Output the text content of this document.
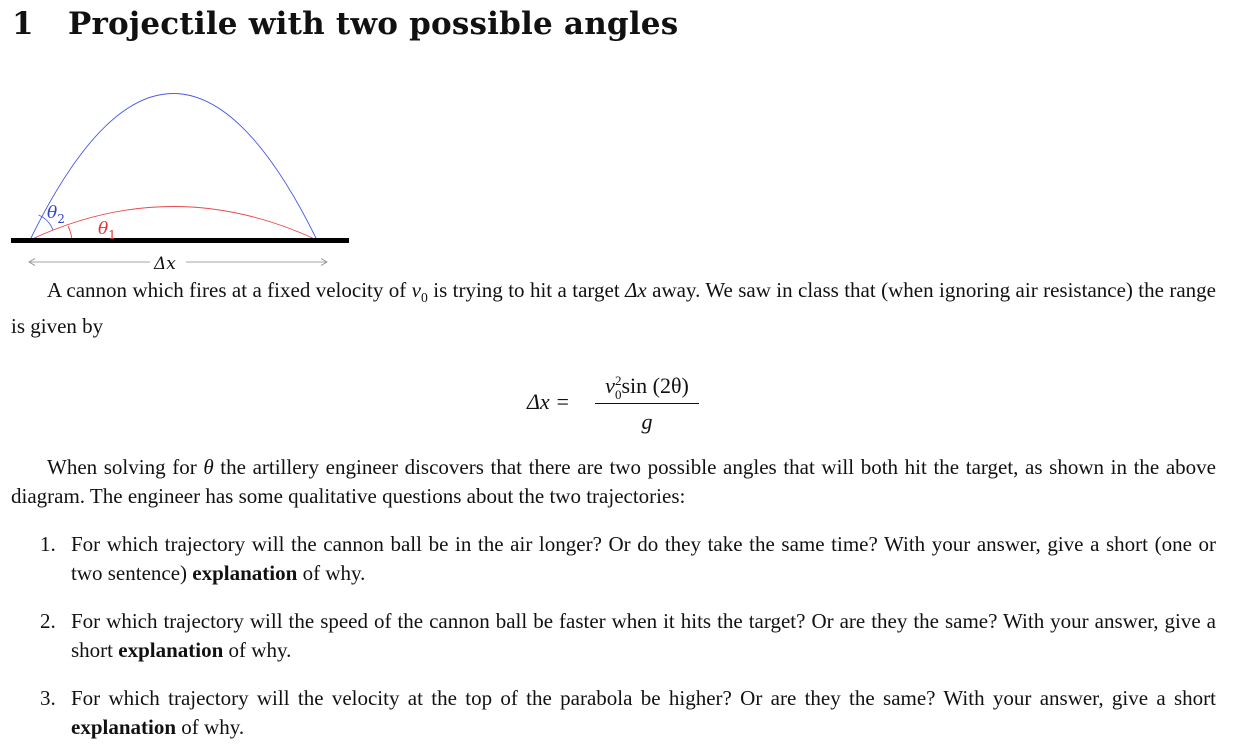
1 Projectile with two possible angles
$\theta_2$ $\theta_1$
Δx

A cannon which fires at a fixed velocity of $v_0$ is trying to hit a target Δx away. We saw in class that (when ignoring air resistance) the range is given by

Δx =
v $^2$
$_0$ sin (2θ)
g

When solving for θ the artillery engineer discovers that there are two possible angles that will both hit the target, as shown in the above diagram. The engineer has some qualitative questions about the two trajectories:

1. For which trajectory will the cannon ball be in the air longer? Or do they take the same time? With your answer, give a short (one or two sentence) explanation of why.
2. For which trajectory will the speed of the cannon ball be faster when it hits the target? Or are they the same? With your answer, give a short explanation of why.
3. For which trajectory will the velocity at the top of the parabola be higher? Or are they the same? With your answer, give a short explanation of why.
